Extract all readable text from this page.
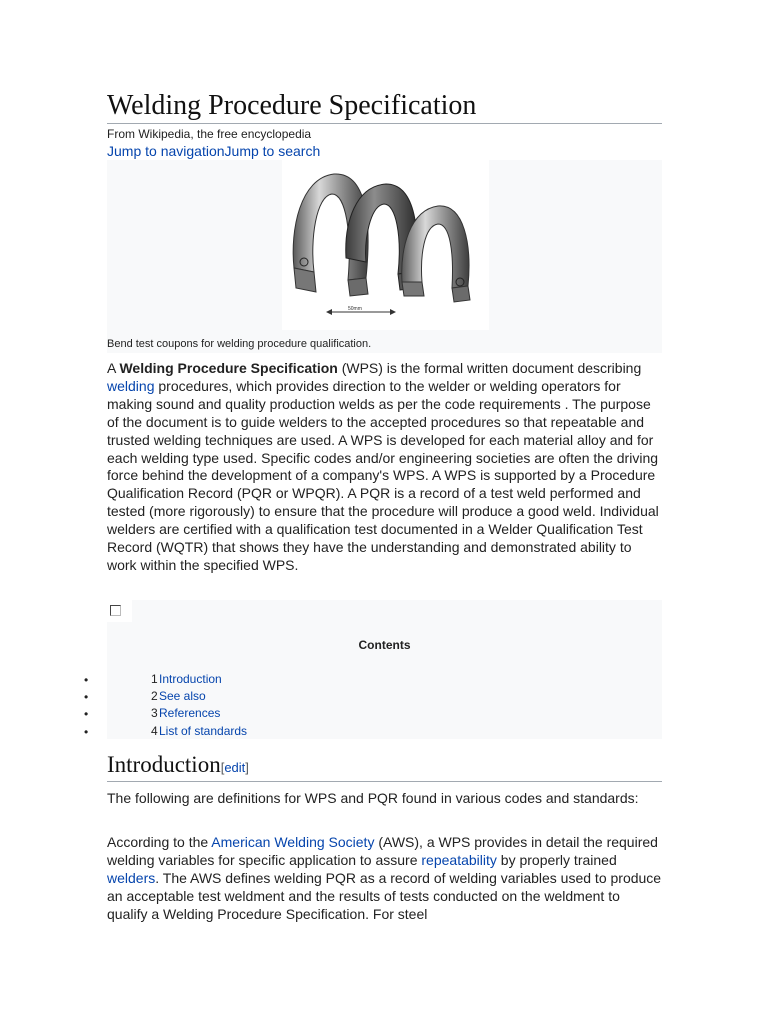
Welding Procedure Specification
From Wikipedia, the free encyclopedia
Jump to navigationJump to search
50mm
Bend test coupons for welding procedure qualification.

A Welding Procedure Specification (WPS) is the formal written document describing welding procedures, which provides direction to the welder or welding operators for making sound and quality production welds as per the code requirements . The purpose of the document is to guide welders to the accepted procedures so that repeatable and trusted welding techniques are used. A WPS is developed for each material alloy and for each welding type used. Specific codes and/or engineering societies are often the driving force behind the development of a company's WPS. A WPS is supported by a Procedure Qualification Record (PQR or WPQR). A PQR is a record of a test weld performed and tested (more rigorously) to ensure that the procedure will produce a good weld. Individual welders are certified with a qualification test documented in a Welder Qualification Test Record (WQTR) that shows they have the understanding and demonstrated ability to work within the specified WPS.

Contents
•	1 Introduction
•	2 See also
•	3 References
•	4 List of standards
Introduction[edit]

The following are definitions for WPS and PQR found in various codes and standards:

According to the American Welding Society (AWS), a WPS provides in detail the required welding variables for specific application to assure repeatability by properly trained welders. The AWS defines welding PQR as a record of welding variables used to produce an acceptable test weldment and the results of tests conducted on the weldment to qualify a Welding Procedure Specification. For steel
